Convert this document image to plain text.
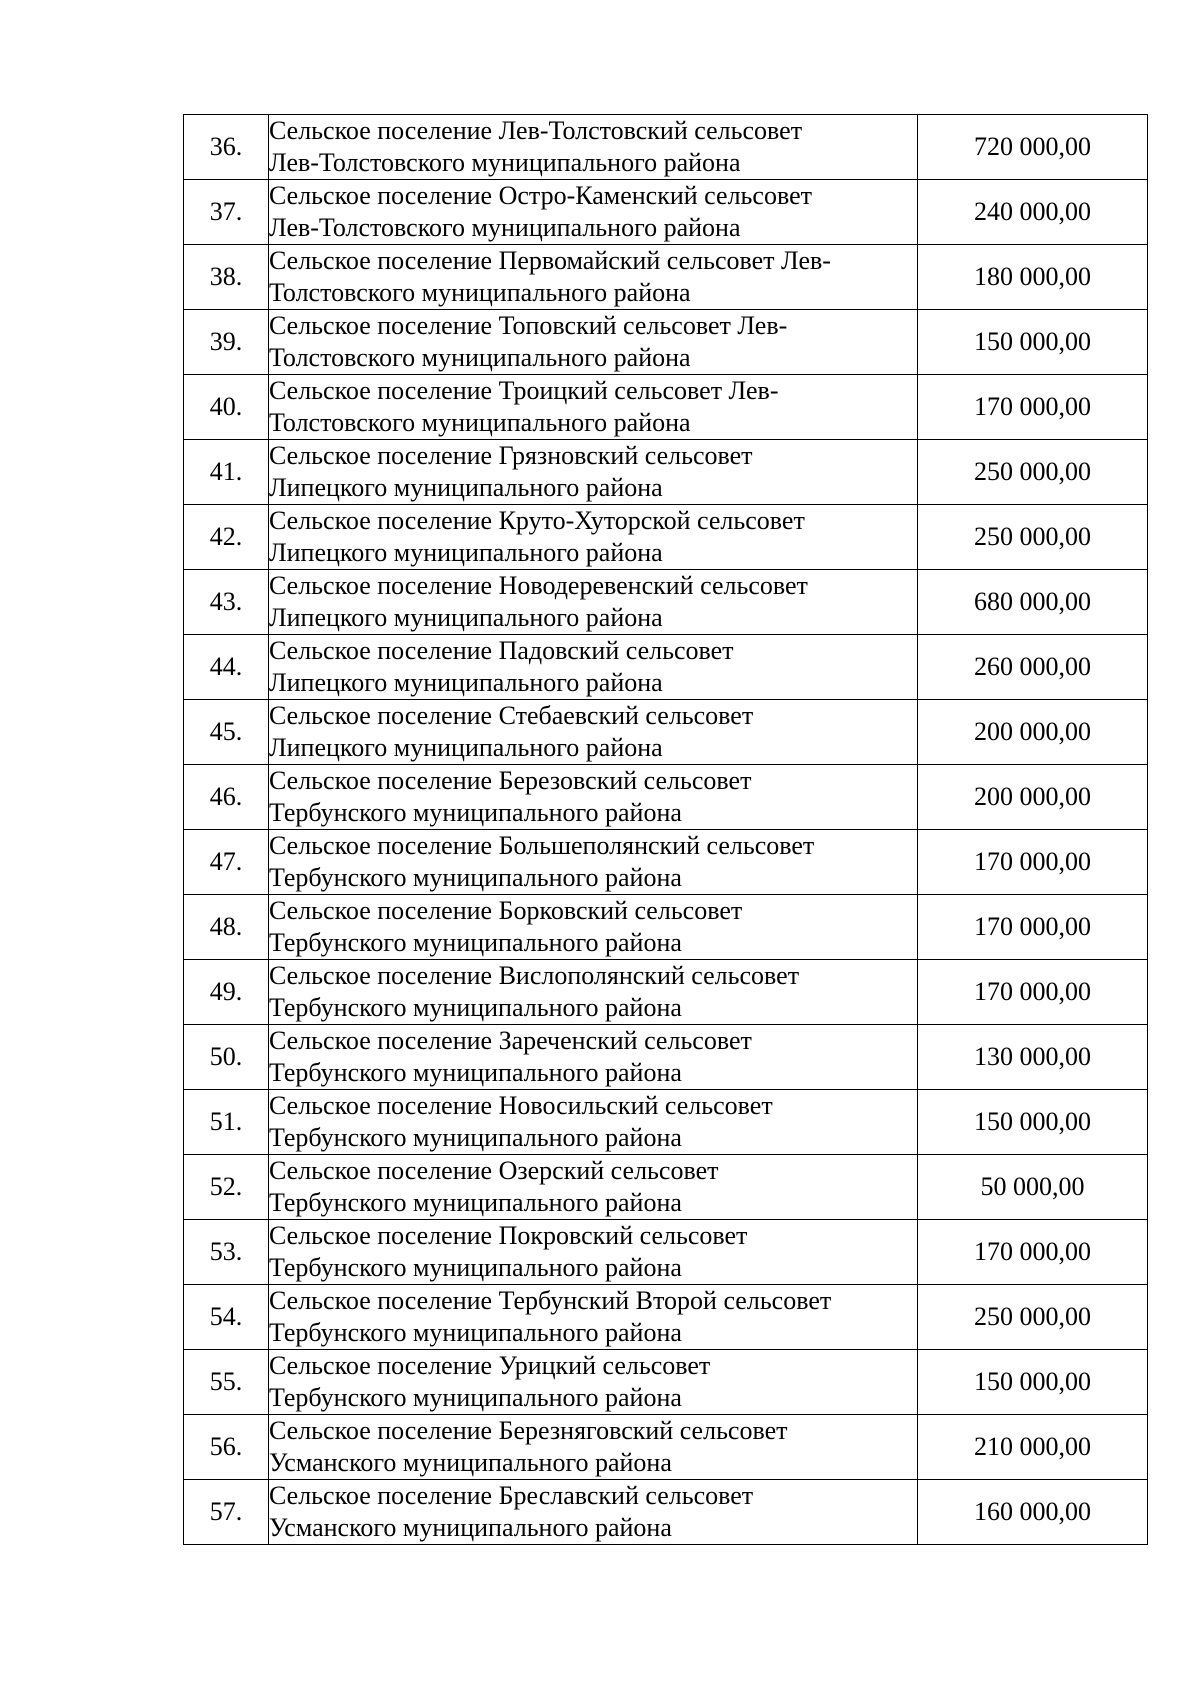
36.	Сельское поселение Лев-Толстовский сельсовет
Лев-Толстовского муниципального района	720 000,00
37.	Сельское поселение Остро-Каменский сельсовет
Лев-Толстовского муниципального района	240 000,00
38.	Сельское поселение Первомайский сельсовет Лев-
Толстовского муниципального района	180 000,00
39.	Сельское поселение Топовский сельсовет Лев-
Толстовского муниципального района	150 000,00
40.	Сельское поселение Троицкий сельсовет Лев-
Толстовского муниципального района	170 000,00
41.	Сельское поселение Грязновский сельсовет
Липецкого муниципального района	250 000,00
42.	Сельское поселение Круто-Хуторской сельсовет
Липецкого муниципального района	250 000,00
43.	Сельское поселение Новодеревенский сельсовет
Липецкого муниципального района	680 000,00
44.	Сельское поселение Падовский сельсовет
Липецкого муниципального района	260 000,00
45.	Сельское поселение Стебаевский сельсовет
Липецкого муниципального района	200 000,00
46.	Сельское поселение Березовский сельсовет
Тербунского муниципального района	200 000,00
47.	Сельское поселение Большеполянский сельсовет
Тербунского муниципального района	170 000,00
48.	Сельское поселение Борковский сельсовет
Тербунского муниципального района	170 000,00
49.	Сельское поселение Вислополянский сельсовет
Тербунского муниципального района	170 000,00
50.	Сельское поселение Зареченский сельсовет
Тербунского муниципального района	130 000,00
51.	Сельское поселение Новосильский сельсовет
Тербунского муниципального района	150 000,00
52.	Сельское поселение Озерский сельсовет
Тербунского муниципального района	50 000,00
53.	Сельское поселение Покровский сельсовет
Тербунского муниципального района	170 000,00
54.	Сельское поселение Тербунский Второй сельсовет
Тербунского муниципального района	250 000,00
55.	Сельское поселение Урицкий сельсовет
Тербунского муниципального района	150 000,00
56.	Сельское поселение Березняговский сельсовет
Усманского муниципального района	210 000,00
57.	Сельское поселение Бреславский сельсовет
Усманского муниципального района	160 000,00
